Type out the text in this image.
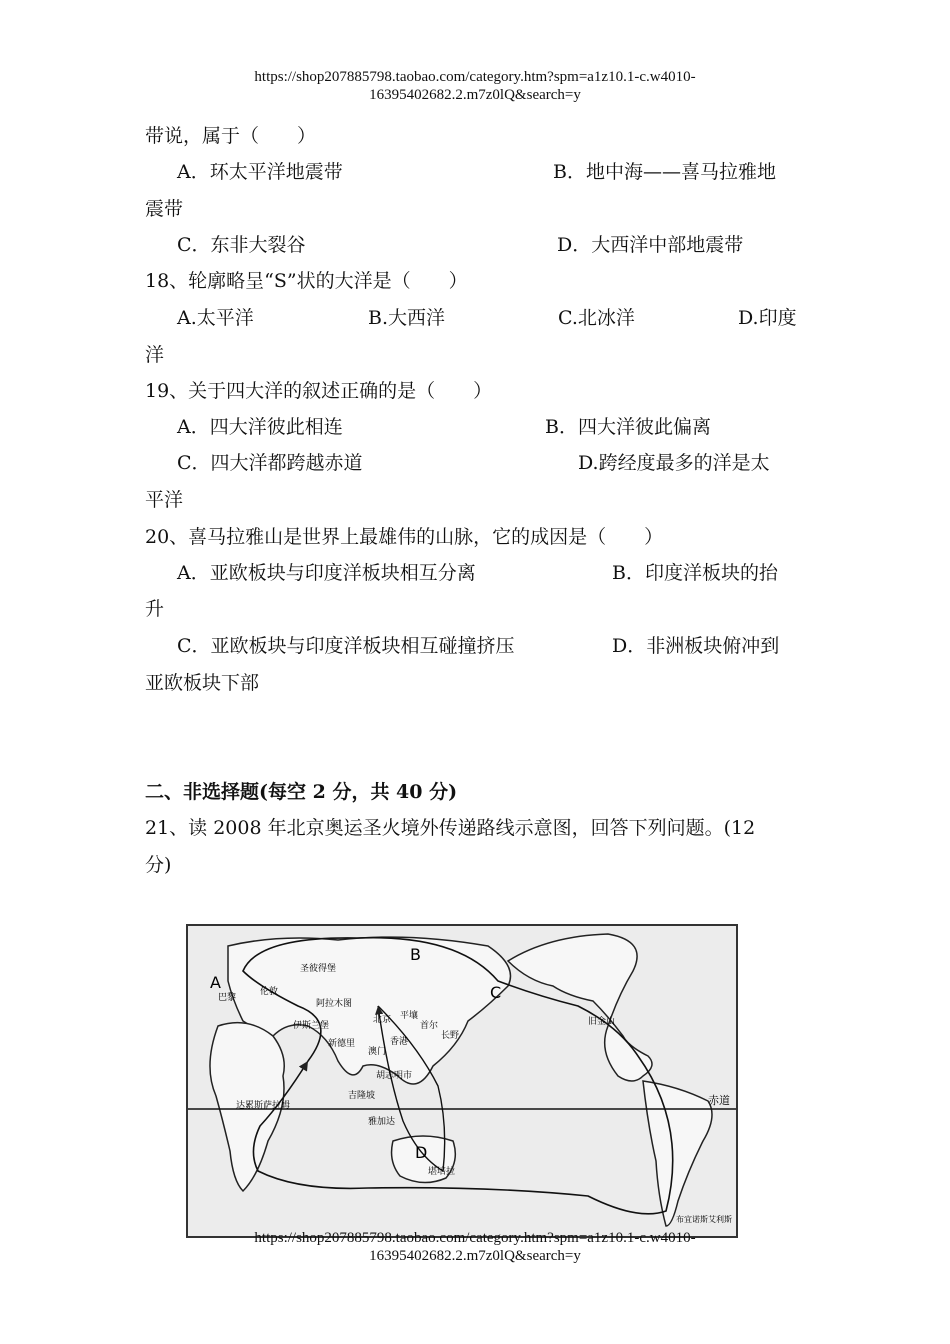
https://shop207885798.taobao.com/category.htm?spm=a1z10.1-c.w4010-
16395402682.2.m7z0lQ&search=y
带说，属于（　　）
A．环太平洋地震带	B．地中海——喜马拉雅地
震带
C．东非大裂谷	D．大西洋中部地震带
18、轮廓略呈“S”状的大洋是（　　）
A.太平洋	B.大西洋	C.北冰洋	D.印度
洋
19、关于四大洋的叙述正确的是（　　）
A．四大洋彼此相连	B．四大洋彼此偏离
C．四大洋都跨越赤道	D.跨经度最多的洋是太
平洋
20、喜马拉雅山是世界上最雄伟的山脉，它的成因是（　　）
A．亚欧板块与印度洋板块相互分离	B．印度洋板块的抬
升
C．亚欧板块与印度洋板块相互碰撞挤压	D．非洲板块俯冲到
亚欧板块下部
二、非选择题(每空 2 分，共 40 分)
21、读 2008 年北京奥运圣火境外传递路线示意图，回答下列问题。(12
分)
A
B
C
D
北京
长野
平壤
首尔
香港
澳门
胡志明市
吉隆坡
雅加达
新德里
伊斯兰堡
阿拉木图
圣彼得堡
伦敦
巴黎
达累斯萨拉姆
堪培拉
旧金山
布宜诺斯艾利斯
赤道
https://shop207885798.taobao.com/category.htm?spm=a1z10.1-c.w4010-
16395402682.2.m7z0lQ&search=y
